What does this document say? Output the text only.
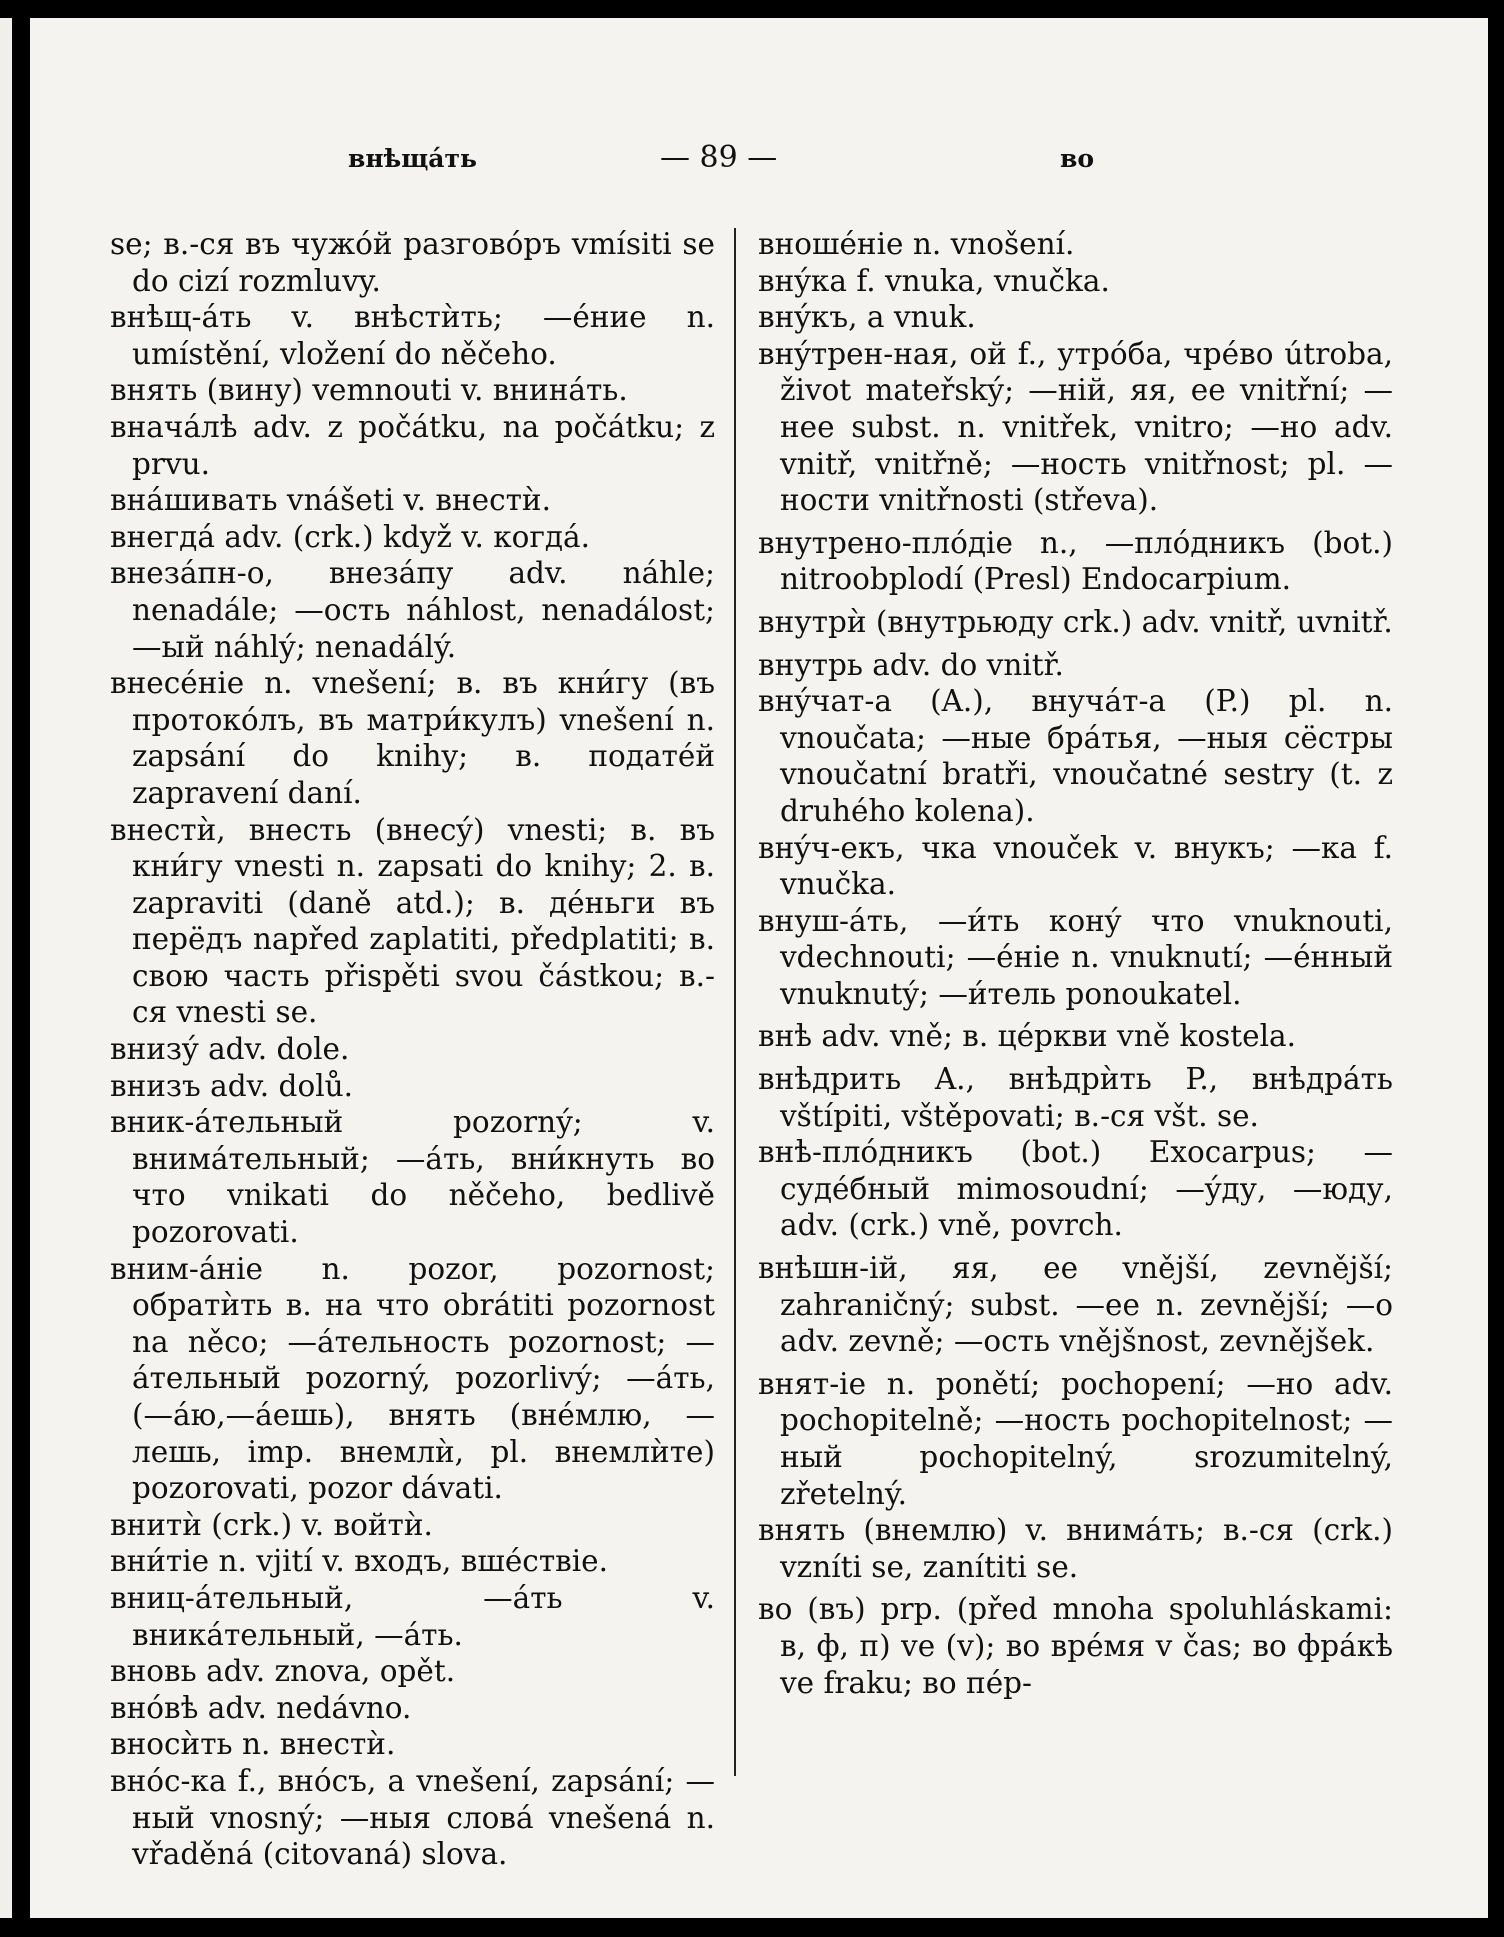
внѣщáть	— 89 —	во

se; в.-ся въ чужóй разговóръ vmísiti se do cizí rozmluvy.

внѣщ-áть v. внѣстѝть; —éние n. umístění, vložení do něčeho.

внять (вину) vemnouti v. внинáть.

вначáлѣ adv. z počátku, na počátku; z prvu.

внáшивать vnášeti v. внестѝ.

внегдá adv. (crk.) když v. когдá.

внезáпн-о, внезáпу adv. náhle; nenadále; —ость náhlost, nenadálost; —ый náhlý; nenadálý.

внесéніе n. vnešení; в. въ кни́гу (въ протокóлъ, въ матри́кулъ) vnešení n. zapsání do knihy; в. податéй zapravení daní.

внестѝ, внесть (внесý) vnesti; в. въ кни́гу vnesti n. zapsati do knihy; 2. в. zapraviti (daně atd.); в. дéньги въ перёдъ napřed zaplatiti, předplatiti; в. свою часть přispěti svou částkou; в.-ся vnesti se.

внизý adv. dole.

внизъ adv. dolů.

вник-áтельный pozorný; v. внимáтельный; —áть, вни́кнуть во что vnikati do něčeho, bedlivě pozorovati.

вним-áніе n. pozor, pozornost; обратѝть в. на что obrátiti pozornost na něco; —áтельность pozornost; —áтельный pozorný, pozorlivý; —áть, (—áю,—áешь), внять (внéмлю, —лешь, imp. внемлѝ, pl. внемлѝте) pozorovati, pozor dávati.

внитѝ (crk.) v. войтѝ.

вни́тіе n. vjití v. входъ, вшéствіе.

вниц-áтельный, —áть v. вникáтельный, —áть.

вновь adv. znova, opět.

внóвѣ adv. nedávno.

вносѝть n. внестѝ.

внóс-ка f., внóсъ, a vnešení, zapsání; —ный vnosný; —ныя словá vnešená n. vřaděná (citovaná) slova.

вношéніе n. vnošení.

внýка f. vnuka, vnučka.

внýкъ, a vnuk.

внýтрен-ная, ой f., утрóба, чрéво útroba, život mateřský; —ній, яя, ее vnitřní; —нее subst. n. vnitřek, vnitro; —но adv. vnitř, vnitřně; —ность vnitřnost; pl. —ности vnitřnosti (střeva).

внутрено-плóдіе n., —плóдникъ (bot.) nitroobplodí (Presl) Endocarpium.

внутрѝ (внутрьюду crk.) adv. vnitř, uvnitř.

внутрь adv. do vnitř.

внýчат-а (A.), внучáт-а (P.) pl. n. vnoučata; —ные брáтья, —ныя сёстры vnoučatní bratři, vnoučatné sestry (t. z druhého kolena).

внýч-екъ, чка vnouček v. внукъ; —ка f. vnučka.

внуш-áть, —и́ть конý что vnuknouti, vdechnouti; —éніе n. vnuknutí; —éнный vnuknutý; —и́тель ponoukatel.

внѣ adv. vně; в. цéркви vně kostela.

внѣдрить A., внѣдрѝть P., внѣдрáть vštípiti, vštěpovati; в.-ся všt. se.

внѣ-плóдникъ (bot.) Exocarpus; —судéбный mimosoudní; —ýду, —юду, adv. (crk.) vně, povrch.

внѣшн-ій, яя, ее vnější, zevnější; zahraničný; subst. —ее n. zevnější; —о adv. zevně; —ость vnějšnost, zevnějšek.

внят-іе n. ponětí; pochopení; —но adv. pochopitelně; —ность pochopitelnost; —ный pochopitelný, srozumitelný, zřetelný.

внять (внемлю) v. внимáть; в.-ся (crk.) vzníti se, zanítiti se.

во (въ) prp. (před mnoha spoluhláskami: в, ф, п) ve (v); во врéмя v čas; во фрáкѣ ve fraku; во пéр-
